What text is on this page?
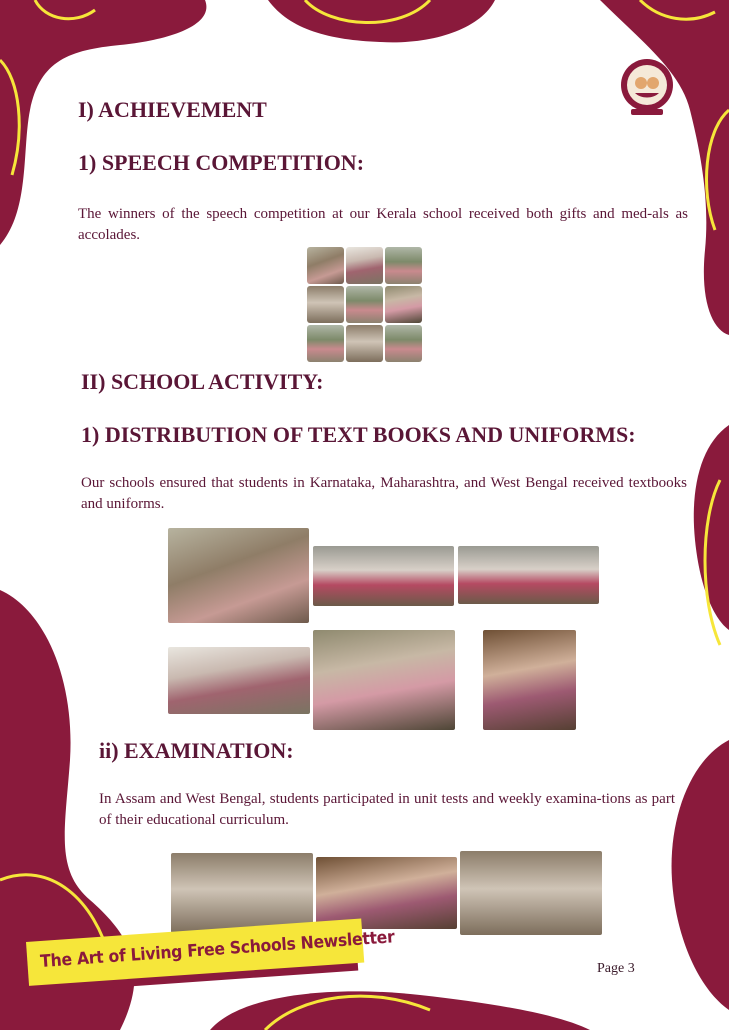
I) ACHIEVEMENT
1) SPEECH COMPETITION:

The winners of the speech competition at our Kerala school received both gifts and med-als as accolades.

II) SCHOOL ACTIVITY:
1) DISTRIBUTION OF TEXT BOOKS AND UNIFORMS:

Our schools ensured that students in Karnataka, Maharashtra, and West Bengal received textbooks and uniforms.

ii) EXAMINATION:

In Assam and West Bengal, students participated in unit tests and weekly examina-tions as part of their educational curriculum.

The Art of Living Free Schools Newsletter	Page 3
